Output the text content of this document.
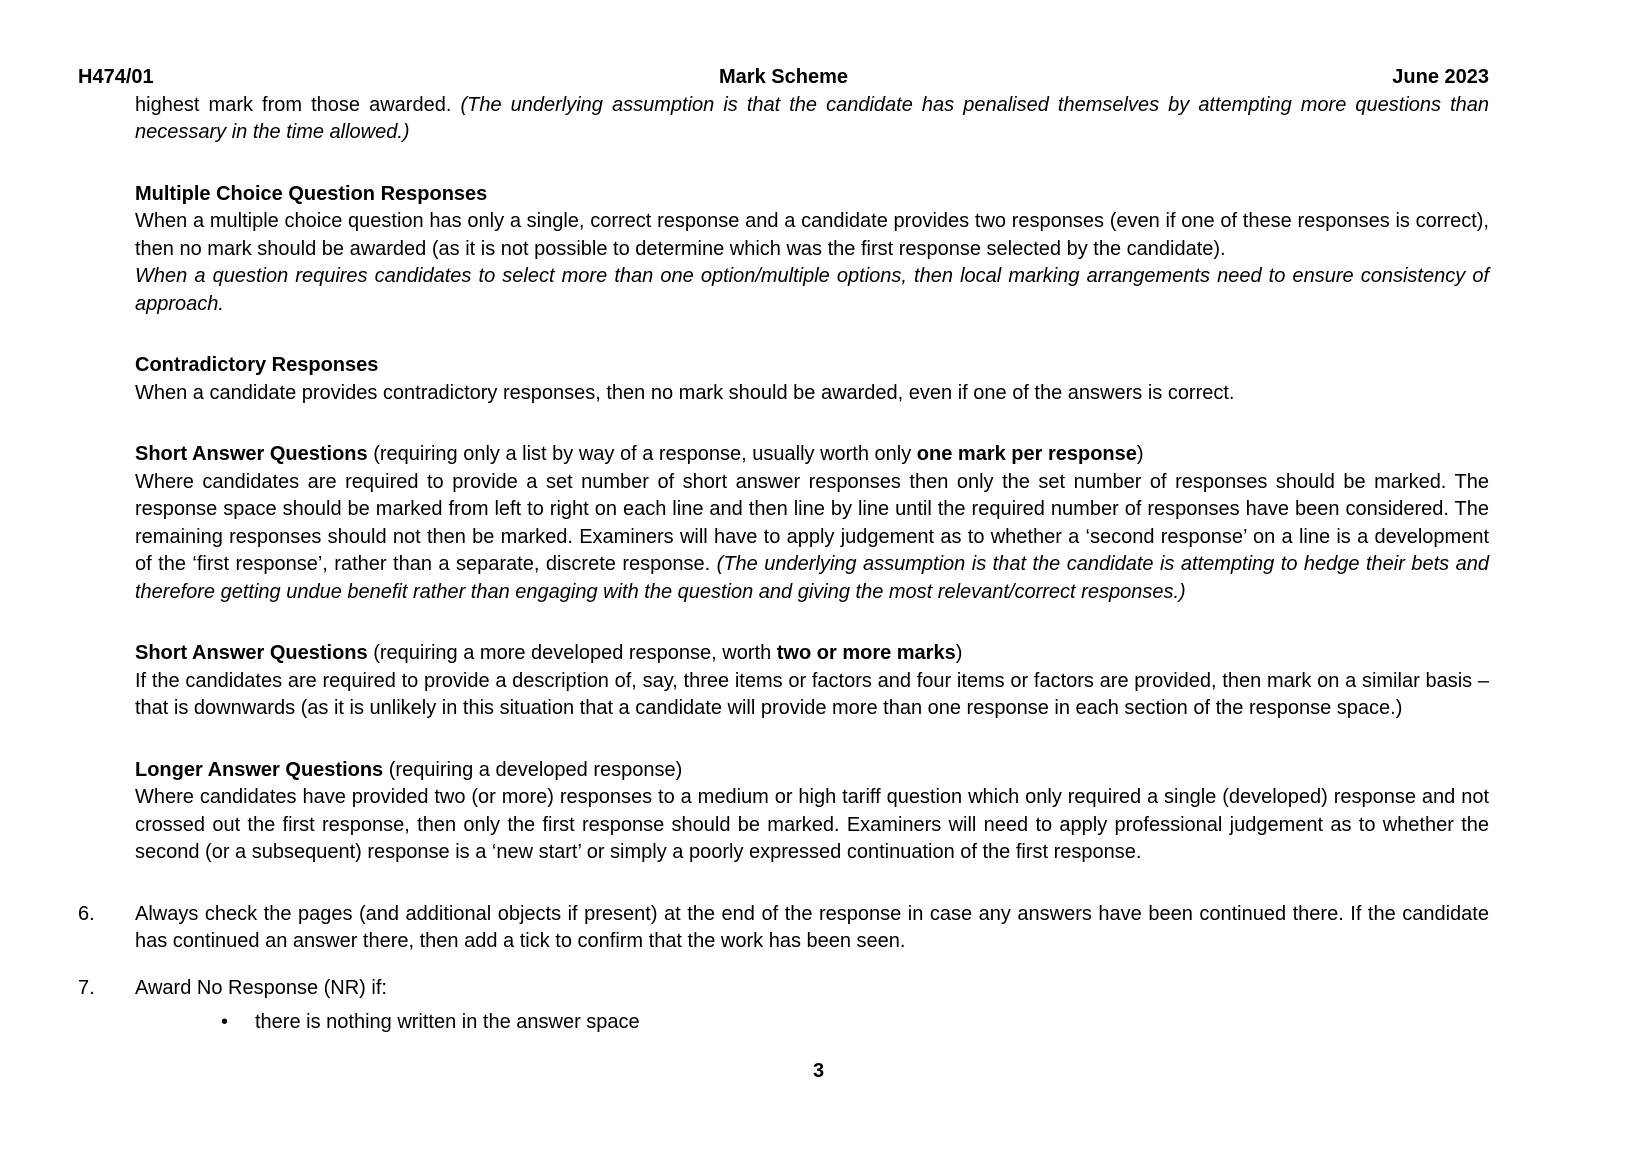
H474/01	Mark Scheme	June 2023
highest mark from those awarded. (The underlying assumption is that the candidate has penalised themselves by attempting more questions than necessary in the time allowed.)
Multiple Choice Question Responses
When a multiple choice question has only a single, correct response and a candidate provides two responses (even if one of these responses is correct), then no mark should be awarded (as it is not possible to determine which was the first response selected by the candidate).
When a question requires candidates to select more than one option/multiple options, then local marking arrangements need to ensure consistency of approach.
Contradictory Responses
When a candidate provides contradictory responses, then no mark should be awarded, even if one of the answers is correct.
Short Answer Questions (requiring only a list by way of a response, usually worth only one mark per response)
Where candidates are required to provide a set number of short answer responses then only the set number of responses should be marked. The response space should be marked from left to right on each line and then line by line until the required number of responses have been considered. The remaining responses should not then be marked. Examiners will have to apply judgement as to whether a ‘second response’ on a line is a development of the ‘first response’, rather than a separate, discrete response. (The underlying assumption is that the candidate is attempting to hedge their bets and therefore getting undue benefit rather than engaging with the question and giving the most relevant/correct responses.)
Short Answer Questions (requiring a more developed response, worth two or more marks)
If the candidates are required to provide a description of, say, three items or factors and four items or factors are provided, then mark on a similar basis – that is downwards (as it is unlikely in this situation that a candidate will provide more than one response in each section of the response space.)
Longer Answer Questions (requiring a developed response)
Where candidates have provided two (or more) responses to a medium or high tariff question which only required a single (developed) response and not crossed out the first response, then only the first response should be marked. Examiners will need to apply professional judgement as to whether the second (or a subsequent) response is a ‘new start’ or simply a poorly expressed continuation of the first response.
6.	Always check the pages (and additional objects if present) at the end of the response in case any answers have been continued there. If the candidate has continued an answer there, then add a tick to confirm that the work has been seen.
7.	Award No Response (NR) if:
•	there is nothing written in the answer space
3
